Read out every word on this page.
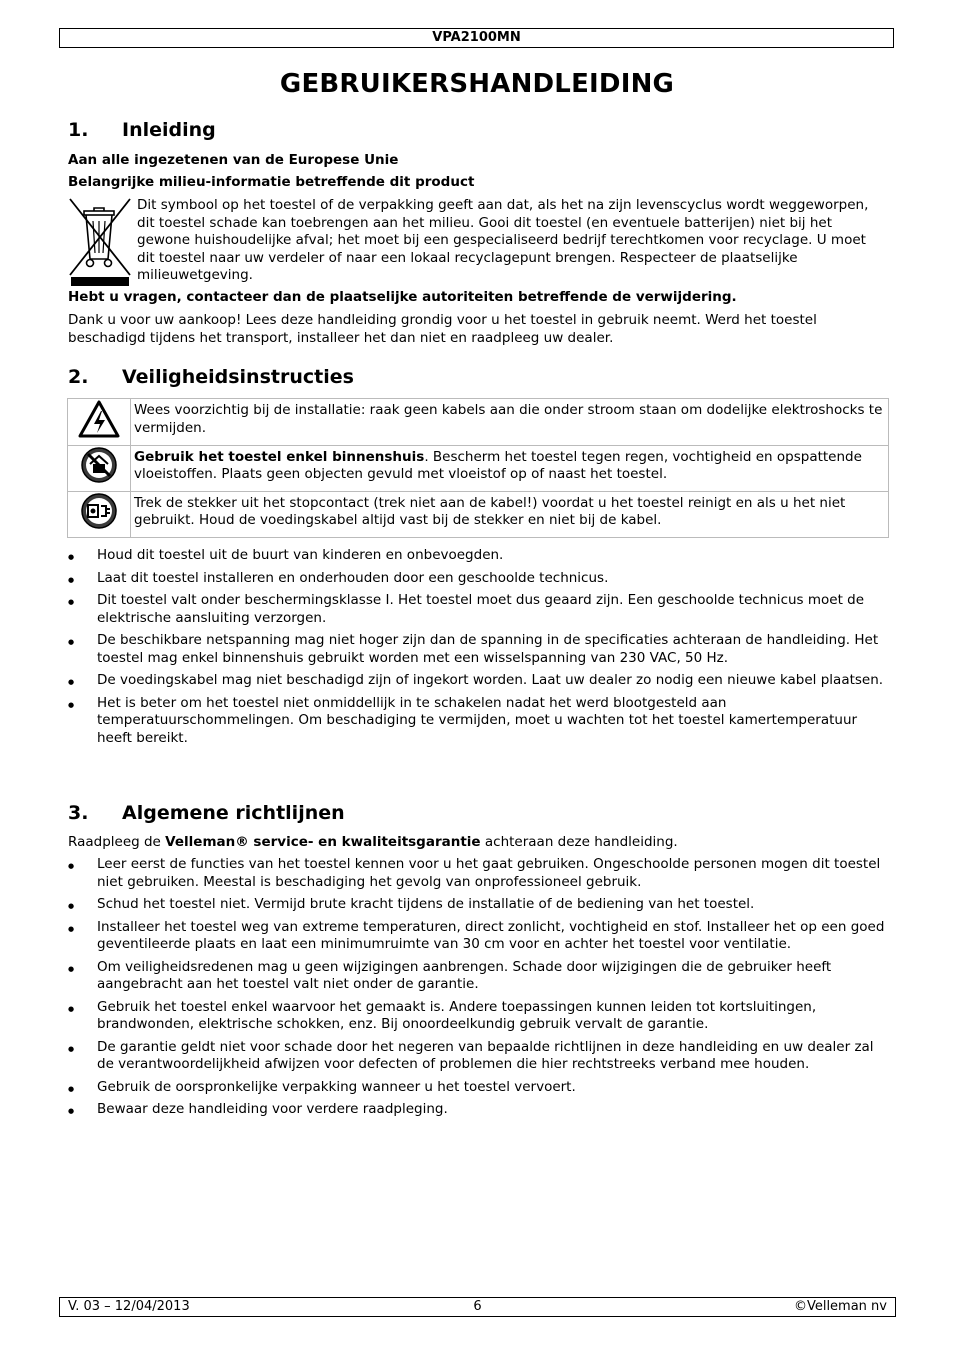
VPA2100MN
GEBRUIKERSHANDLEIDING
1. Inleiding

Aan alle ingezetenen van de Europese Unie

Belangrijke milieu-informatie betreffende dit product

Dit symbool op het toestel of de verpakking geeft aan dat, als het na zijn levenscyclus wordt weggeworpen, dit toestel schade kan toebrengen aan het milieu. Gooi dit toestel (en eventuele batterijen) niet bij het gewone huishoudelijke afval; het moet bij een gespecialiseerd bedrijf terechtkomen voor recyclage. U moet dit toestel naar uw verdeler of naar een lokaal recyclagepunt brengen. Respecteer de plaatselijke milieuwetgeving.

Hebt u vragen, contacteer dan de plaatselijke autoriteiten betreffende de verwijdering.

Dank u voor uw aankoop! Lees deze handleiding grondig voor u het toestel in gebruik neemt. Werd het toestel beschadigd tijdens het transport, installeer het dan niet en raadpleeg uw dealer.

2. Veiligheidsinstructies
	Wees voorzichtig bij de installatie: raak geen kabels aan die onder stroom staan om dodelijke elektroshocks te vermijden.
	Gebruik het toestel enkel binnenshuis. Bescherm het toestel tegen regen, vochtigheid en opspattende vloeistoffen. Plaats geen objecten gevuld met vloeistof op of naast het toestel.
	Trek de stekker uit het stopcontact (trek niet aan de kabel!) voordat u het toestel reinigt en als u het niet gebruikt. Houd de voedingskabel altijd vast bij de stekker en niet bij de kabel.
● Houd dit toestel uit de buurt van kinderen en onbevoegden.
● Laat dit toestel installeren en onderhouden door een geschoolde technicus.
● Dit toestel valt onder beschermingsklasse I. Het toestel moet dus geaard zijn. Een geschoolde technicus moet de elektrische aansluiting verzorgen.
● De beschikbare netspanning mag niet hoger zijn dan de spanning in de specificaties achteraan de handleiding. Het toestel mag enkel binnenshuis gebruikt worden met een wisselspanning van 230 VAC, 50 Hz.
● De voedingskabel mag niet beschadigd zijn of ingekort worden. Laat uw dealer zo nodig een nieuwe kabel plaatsen.
● Het is beter om het toestel niet onmiddellijk in te schakelen nadat het werd blootgesteld aan temperatuurschommelingen. Om beschadiging te vermijden, moet u wachten tot het toestel kamertemperatuur heeft bereikt.
3. Algemene richtlijnen

Raadpleeg de Velleman® service- en kwaliteitsgarantie achteraan deze handleiding.

● Leer eerst de functies van het toestel kennen voor u het gaat gebruiken. Ongeschoolde personen mogen dit toestel niet gebruiken. Meestal is beschadiging het gevolg van onprofessioneel gebruik.
● Schud het toestel niet. Vermijd brute kracht tijdens de installatie of de bediening van het toestel.
● Installeer het toestel weg van extreme temperaturen, direct zonlicht, vochtigheid en stof. Installeer het op een goed geventileerde plaats en laat een minimumruimte van 30 cm voor en achter het toestel voor ventilatie.
● Om veiligheidsredenen mag u geen wijzigingen aanbrengen. Schade door wijzigingen die de gebruiker heeft aangebracht aan het toestel valt niet onder de garantie.
● Gebruik het toestel enkel waarvoor het gemaakt is. Andere toepassingen kunnen leiden tot kortsluitingen, brandwonden, elektrische schokken, enz. Bij onoordeelkundig gebruik vervalt de garantie.
● De garantie geldt niet voor schade door het negeren van bepaalde richtlijnen in deze handleiding en uw dealer zal de verantwoordelijkheid afwijzen voor defecten of problemen die hier rechtstreeks verband mee houden.
● Gebruik de oorspronkelijke verpakking wanneer u het toestel vervoert.
● Bewaar deze handleiding voor verdere raadpleging.
V. 03 – 12/04/2013	6	©Velleman nv
